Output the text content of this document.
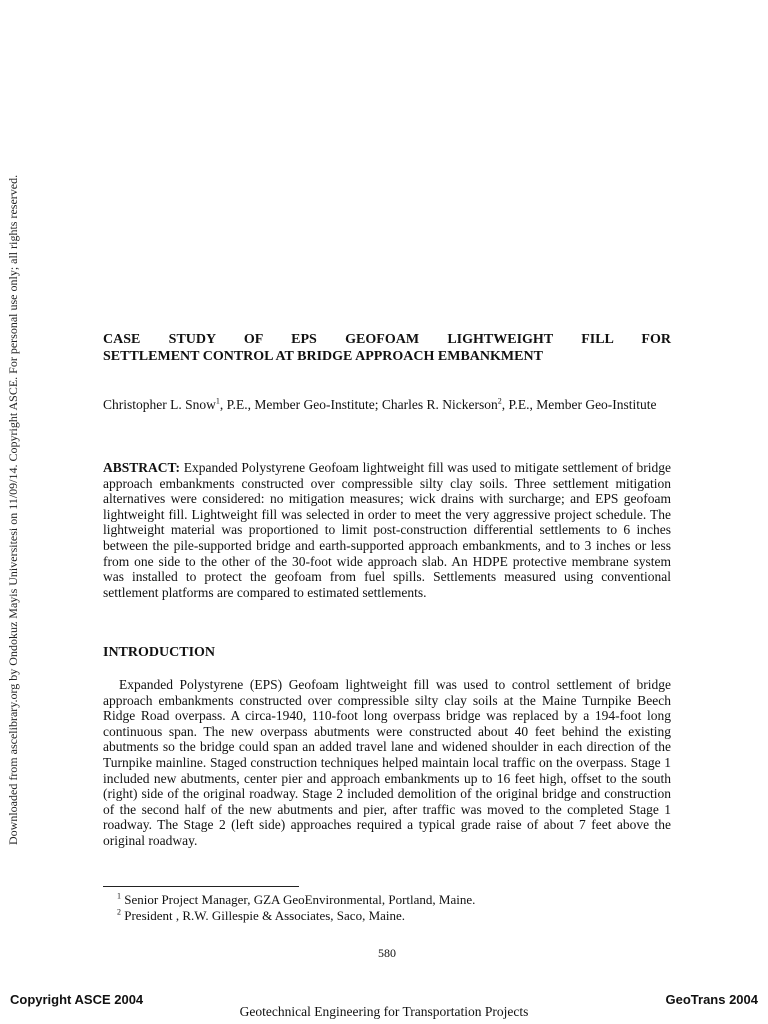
Downloaded from ascelibrary.org by Ondokuz Mayis Universitesi on 11/09/14. Copyright ASCE. For personal use only; all rights reserved.	CASE STUDY OF EPS GEOFOAM LIGHTWEIGHT FILL FOR
SETTLEMENT CONTROL AT BRIDGE APPROACH EMBANKMENT

Christopher L. Snow$^1$, P.E., Member Geo-Institute; Charles R. Nickerson$^2$, P.E., Member Geo-Institute

ABSTRACT: Expanded Polystyrene Geofoam lightweight fill was used to mitigate settlement of bridge approach embankments constructed over compressible silty clay soils. Three settlement mitigation alternatives were considered: no mitigation measures; wick drains with surcharge; and EPS geofoam lightweight fill. Lightweight fill was selected in order to meet the very aggressive project schedule. The lightweight material was proportioned to limit post-construction differential settlements to 6 inches between the pile-supported bridge and earth-supported approach embankments, and to 3 inches or less from one side to the other of the 30-foot wide approach slab. An HDPE protective membrane system was installed to protect the geofoam from fuel spills. Settlements measured using conventional settlement platforms are compared to estimated settlements.

INTRODUCTION

Expanded Polystyrene (EPS) Geofoam lightweight fill was used to control settlement of bridge approach embankments constructed over compressible silty clay soils at the Maine Turnpike Beech Ridge Road overpass. A circa-1940, 110-foot long overpass bridge was replaced by a 194-foot long continuous span. The new overpass abutments were constructed about 40 feet behind the existing abutments so the bridge could span an added travel lane and widened shoulder in each direction of the Turnpike mainline. Staged construction techniques helped maintain local traffic on the overpass. Stage 1 included new abutments, center pier and approach embankments up to 16 feet high, offset to the south (right) side of the original roadway. Stage 2 included demolition of the original bridge and construction of the second half of the new abutments and pier, after traffic was moved to the completed Stage 1 roadway. The Stage 2 (left side) approaches required a typical grade raise of about 7 feet above the original roadway.

$^1$ Senior Project Manager, GZA GeoEnvironmental, Portland, Maine.
$^2$ President , R.W. Gillespie & Associates, Saco, Maine.
580
Copyright ASCE 2004	GeoTrans 2004
Geotechnical Engineering for Transportation Projects
